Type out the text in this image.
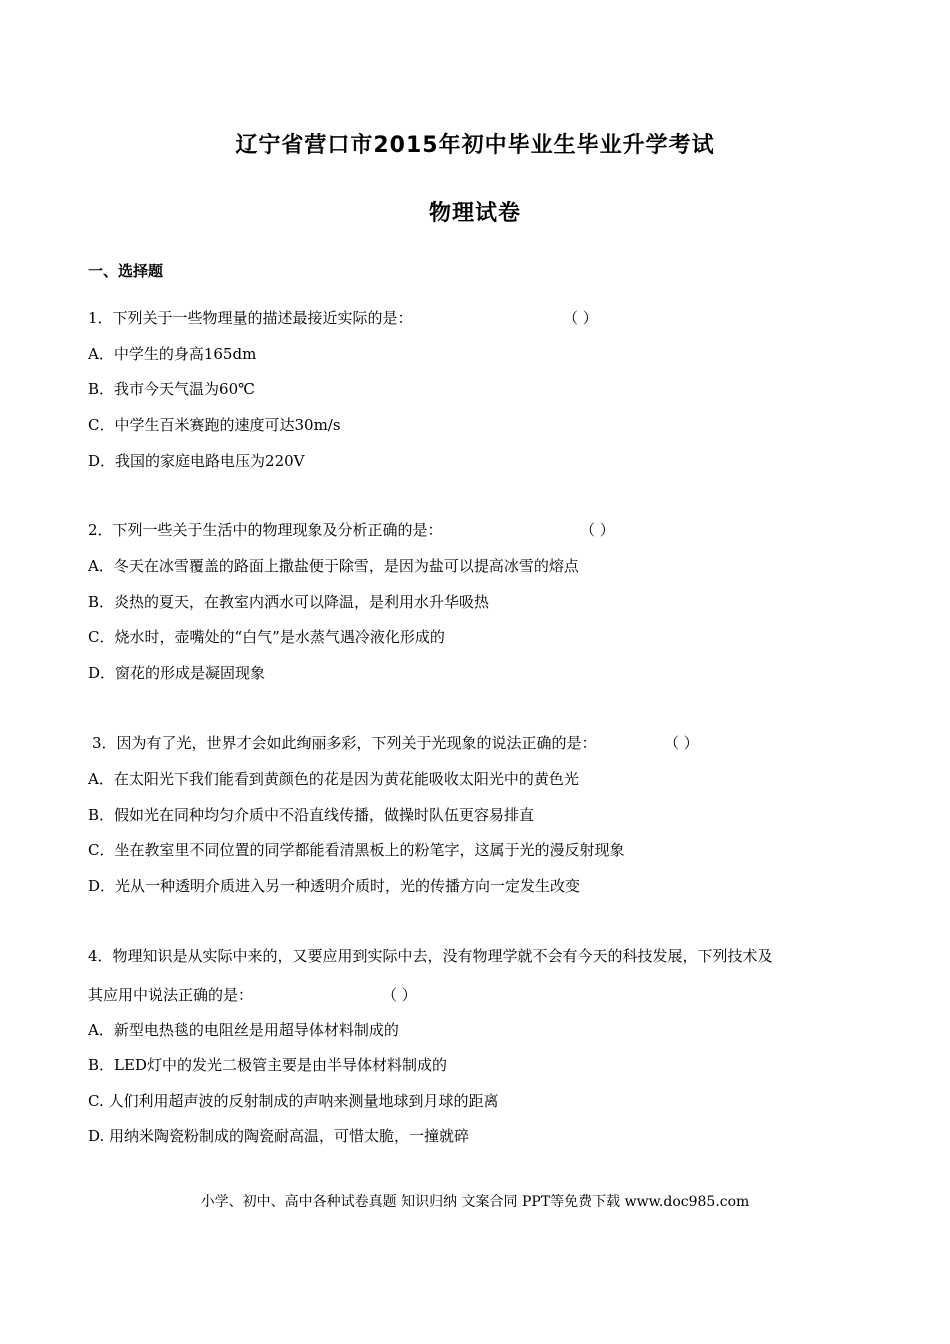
辽宁省营口市2015年初中毕业生毕业升学考试
物理试卷
一、选择题
1．下列关于一些物理量的描述最接近实际的是：	（ ）
A．中学生的身高165dm
B．我市今天气温为60℃
C．中学生百米赛跑的速度可达30m/s
D．我国的家庭电路电压为220V
2．下列一些关于生活中的物理现象及分析正确的是：	（ ）
A．冬天在冰雪覆盖的路面上撒盐便于除雪，是因为盐可以提高冰雪的熔点
B．炎热的夏天，在教室内洒水可以降温，是利用水升华吸热
C．烧水时，壶嘴处的“白气”是水蒸气遇冷液化形成的
D．窗花的形成是凝固现象
3．因为有了光，世界才会如此绚丽多彩，下列关于光现象的说法正确的是：	（ ）
A．在太阳光下我们能看到黄颜色的花是因为黄花能吸收太阳光中的黄色光
B．假如光在同种均匀介质中不沿直线传播，做操时队伍更容易排直
C．坐在教室里不同位置的同学都能看清黑板上的粉笔字，这属于光的漫反射现象
D．光从一种透明介质进入另一种透明介质时，光的传播方向一定发生改变
4．物理知识是从实际中来的，又要应用到实际中去，没有物理学就不会有今天的科技发展，下列技术及
其应用中说法正确的是：	（ ）
A．新型电热毯的电阻丝是用超导体材料制成的
B．LED灯中的发光二极管主要是由半导体材料制成的
C. 人们利用超声波的反射制成的声呐来测量地球到月球的距离
D. 用纳米陶瓷粉制成的陶瓷耐高温，可惜太脆，一撞就碎
小学、初中、高中各种试卷真题 知识归纳 文案合同 PPT等免费下载 www.doc985.com
